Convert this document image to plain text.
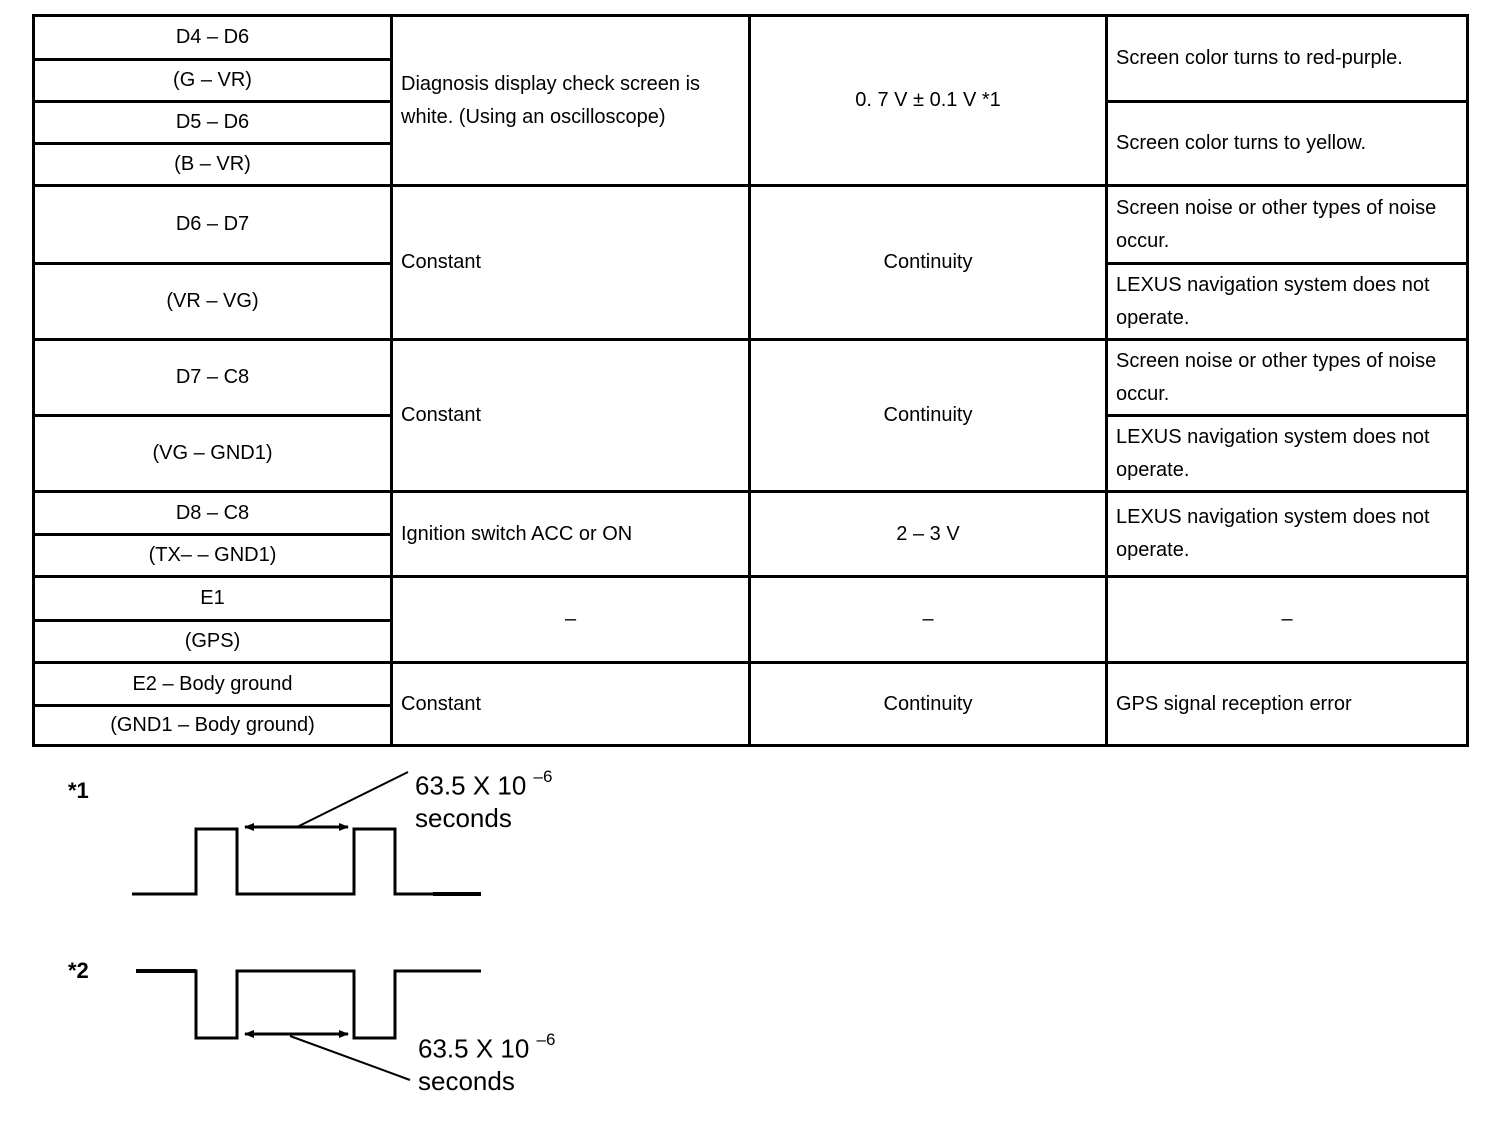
D4 – D6	Diagnosis display check screen is white. (Using an oscilloscope)	0. 7 V ± 0.1 V *1	Screen color turns to red-purple.
(G – VR)			
D5 – D6			Screen color turns to yellow.
(B – VR)			
D6 – D7	Constant	Continuity	Screen noise or other types of noise occur.
(VR – VG)			LEXUS navigation system does not operate.
D7 – C8	Constant	Continuity	Screen noise or other types of noise occur.
(VG – GND1)			LEXUS navigation system does not operate.
D8 – C8	Ignition switch ACC or ON	2 – 3 V	LEXUS navigation system does not operate.
(TX– – GND1)			
E1	–	–	–
(GPS)			
E2 – Body ground	Constant	Continuity	GPS signal reception error
(GND1 – Body ground)			
*1	63.5 X 10 $^{-6}$
seconds
*2
63.5 X 10 $^{-6}$
seconds
